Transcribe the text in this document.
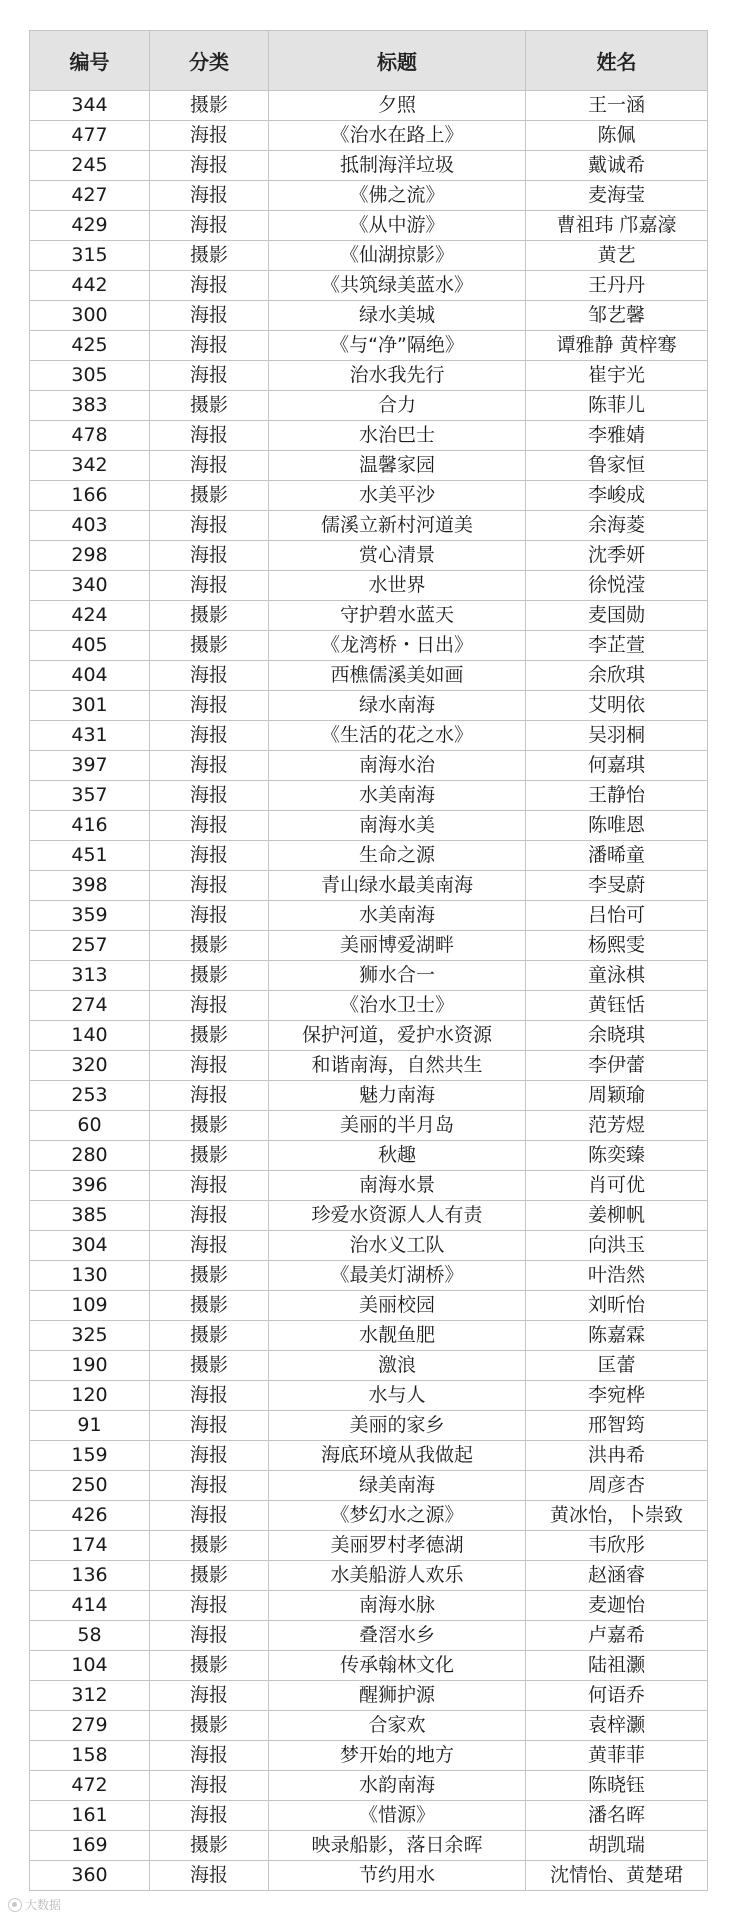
编号	分类	标题	姓名
344	摄影	夕照	王一涵
477	海报	《治水在路上》	陈佩
245	海报	抵制海洋垃圾	戴诚希
427	海报	《佛之流》	麦海莹
429	海报	《从中游》	曹祖玮 邝嘉濠
315	摄影	《仙湖掠影》	黄艺
442	海报	《共筑绿美蓝水》	王丹丹
300	海报	绿水美城	邹艺馨
425	海报	《与“净”隔绝》	谭雅静 黄梓骞
305	海报	治水我先行	崔宇光
383	摄影	合力	陈菲儿
478	海报	水治巴士	李雅婧
342	海报	温馨家园	鲁家恒
166	摄影	水美平沙	李峻成
403	海报	儒溪立新村河道美	余海菱
298	海报	赏心清景	沈季妍
340	海报	水世界	徐悦滢
424	摄影	守护碧水蓝天	麦国勋
405	摄影	《龙湾桥・日出》	李芷萱
404	海报	西樵儒溪美如画	余欣琪
301	海报	绿水南海	艾明依
431	海报	《生活的花之水》	吴羽桐
397	海报	南海水治	何嘉琪
357	海报	水美南海	王静怡
416	海报	南海水美	陈唯恩
451	海报	生命之源	潘晞童
398	海报	青山绿水最美南海	李旻蔚
359	海报	水美南海	吕怡可
257	摄影	美丽博爱湖畔	杨熙雯
313	摄影	狮水合一	童泳棋
274	海报	《治水卫士》	黄钰恬
140	摄影	保护河道，爱护水资源	余晓琪
320	海报	和谐南海，自然共生	李伊蕾
253	海报	魅力南海	周颖瑜
60	摄影	美丽的半月岛	范芳煜
280	摄影	秋趣	陈奕臻
396	海报	南海水景	肖可优
385	海报	珍爱水资源人人有责	姜柳帆
304	海报	治水义工队	向洪玉
130	摄影	《最美灯湖桥》	叶浩然
109	摄影	美丽校园	刘昕怡
325	摄影	水靓鱼肥	陈嘉霖
190	摄影	激浪	匡蕾
120	海报	水与人	李宛桦
91	海报	美丽的家乡	邢智筠
159	海报	海底环境从我做起	洪冉希
250	海报	绿美南海	周彦杏
426	海报	《梦幻水之源》	黄冰怡，卜崇致
174	摄影	美丽罗村孝德湖	韦欣彤
136	摄影	水美船游人欢乐	赵涵睿
414	海报	南海水脉	麦迦怡
58	海报	叠滘水乡	卢嘉希
104	摄影	传承翰林文化	陆祖灏
312	海报	醒狮护源	何语乔
279	摄影	合家欢	袁梓灏
158	海报	梦开始的地方	黄菲菲
472	海报	水韵南海	陈晓钰
161	海报	《惜源》	潘名晖
169	摄影	映录船影，落日余晖	胡凯瑞
360	海报	节约用水	沈情怡、黄楚珺
大数据
